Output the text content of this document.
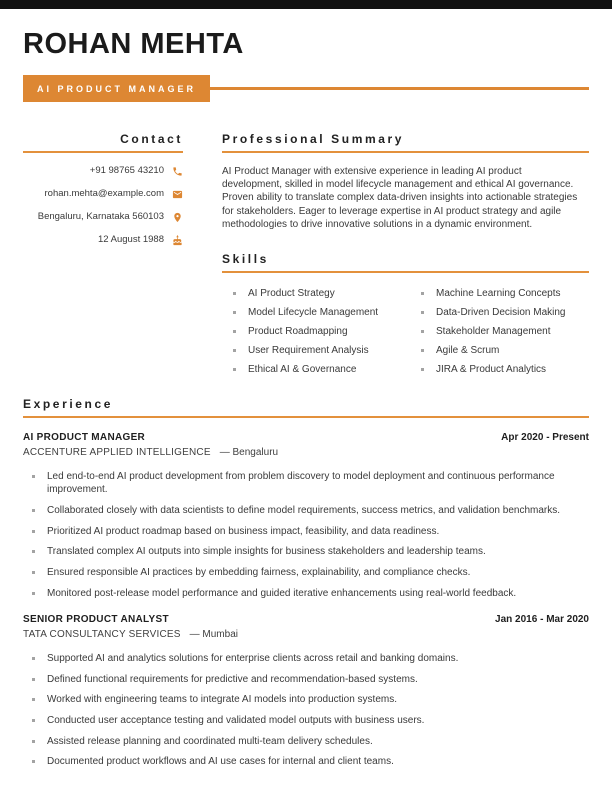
ROHAN MEHTA
AI PRODUCT MANAGER
Contact
+91 98765 43210
rohan.mehta@example.com
Bengaluru, Karnataka 560103
12 August 1988
Professional Summary
AI Product Manager with extensive experience in leading AI product development, skilled in model lifecycle management and ethical AI governance. Proven ability to translate complex data-driven insights into actionable strategies for stakeholders. Eager to leverage expertise in AI product strategy and agile methodologies to drive innovative solutions in a dynamic environment.
Skills
AI Product Strategy	Machine Learning Concepts
Model Lifecycle Management	Data-Driven Decision Making
Product Roadmapping	Stakeholder Management
User Requirement Analysis	Agile & Scrum
Ethical AI & Governance	JIRA & Product Analytics
Experience
AI PRODUCT MANAGER	Apr 2020 - Present
ACCENTURE APPLIED INTELLIGENCE — Bengaluru
Led end-to-end AI product development from problem discovery to model deployment and continuous performance improvement.
Collaborated closely with data scientists to define model requirements, success metrics, and validation benchmarks.
Prioritized AI product roadmap based on business impact, feasibility, and data readiness.
Translated complex AI outputs into simple insights for business stakeholders and leadership teams.
Ensured responsible AI practices by embedding fairness, explainability, and compliance checks.
Monitored post-release model performance and guided iterative enhancements using real-world feedback.
SENIOR PRODUCT ANALYST	Jan 2016 - Mar 2020
TATA CONSULTANCY SERVICES — Mumbai
Supported AI and analytics solutions for enterprise clients across retail and banking domains.
Defined functional requirements for predictive and recommendation-based systems.
Worked with engineering teams to integrate AI models into production systems.
Conducted user acceptance testing and validated model outputs with business users.
Assisted release planning and coordinated multi-team delivery schedules.
Documented product workflows and AI use cases for internal and client teams.
